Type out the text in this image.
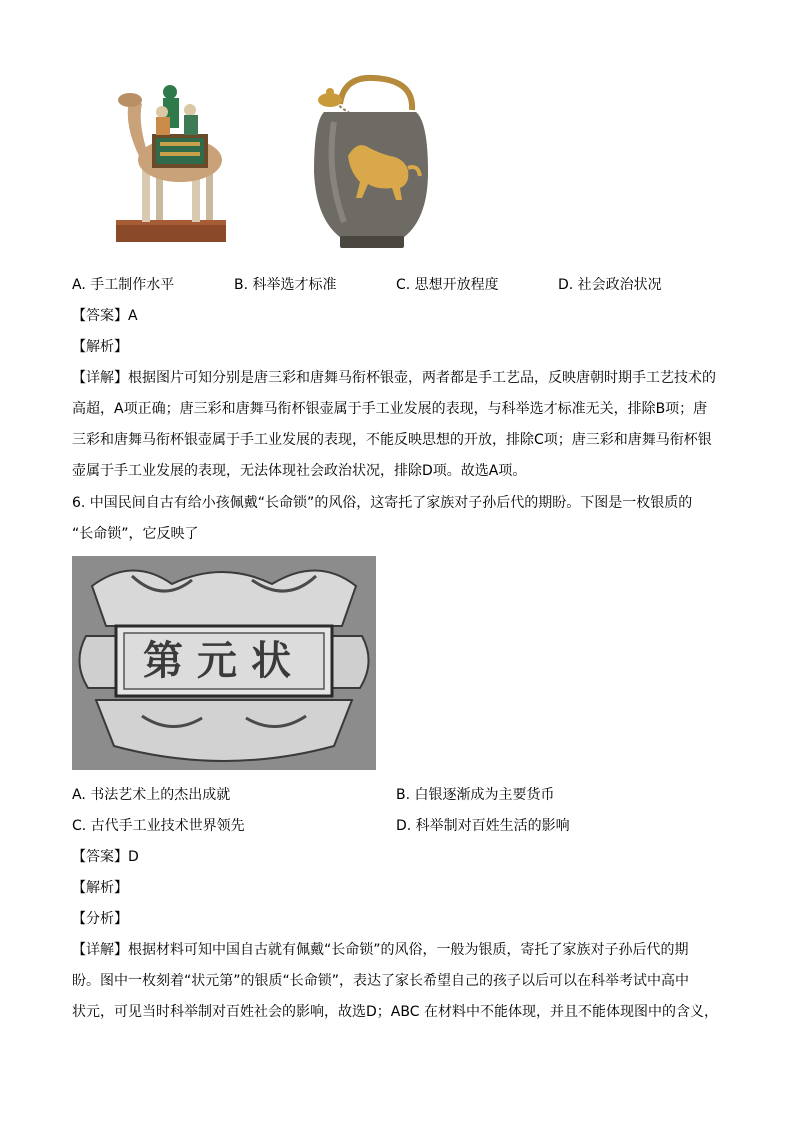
A. 手工制作水平	B. 科举选才标准	C. 思想开放程度	D. 社会政治状况
【答案】A
【解析】
【详解】根据图片可知分别是唐三彩和唐舞马衔杯银壶，两者都是手工艺品，反映唐朝时期手工艺技术的
高超，A项正确；唐三彩和唐舞马衔杯银壶属于手工业发展的表现，与科举选才标准无关，排除B项；唐
三彩和唐舞马衔杯银壶属于手工业发展的表现，不能反映思想的开放，排除C项；唐三彩和唐舞马衔杯银
壶属于手工业发展的表现，无法体现社会政治状况，排除D项。故选A项。
6. 中国民间自古有给小孩佩戴“长命锁”的风俗，这寄托了家族对子孙后代的期盼。下图是一枚银质的
“长命锁”，它反映了
状元第
A. 书法艺术上的杰出成就	B. 白银逐渐成为主要货币
C. 古代手工业技术世界领先	D. 科举制对百姓生活的影响
【答案】D
【解析】
【分析】
【详解】根据材料可知中国自古就有佩戴“长命锁”的风俗，一般为银质，寄托了家族对子孙后代的期
盼。图中一枚刻着“状元第”的银质“长命锁”，表达了家长希望自己的孩子以后可以在科举考试中高中
状元，可见当时科举制对百姓社会的影响，故选D；ABC 在材料中不能体现，并且不能体现图中的含义，
